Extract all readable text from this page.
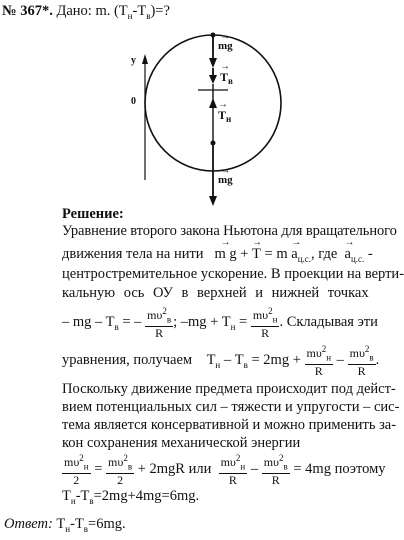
№ 367*. Дано: m. $(Т_н-Т_в)=$?
y
0
→ mg
→ $T_в$
→ $T_н$
→ mg
Решение:
Уравнение второго закона Ньютона для вращательного
движения тела на нити → m g + → $T = m \to a_{ц.с.}$, где → $a_{ц.с.}$ -
центростремительное ускорение. В проекции на верти-
кальную ось ОУ в верхней и нижней точках
– mg – $T_в$ = – $\frac{m\upsilon^2_в}{R}$ ; $-mg + T_н = \frac{m\upsilon^2_н}{R}$ . Складывая эти
уравнения, получаем $T_н - T_в = 2mg + \frac{m\upsilon^2_н}{R} - \frac{m\upsilon^2_в}{R}$ .
Поскольку движение предмета происходит под дейст-
вием потенциальных сил – тяжести и упругости – сис-
тема является консервативной и можно применить за-
кон сохранения механической энергии
$\frac{m\upsilon^2_н}{2} = \frac{m\upsilon^2_в}{2} + 2mgR$ или $\frac{m\upsilon^2_н}{R} - \frac{m\upsilon^2_в}{R} = 4mg$ поэтому
$T_н-T_в=2mg+4mg=6mg$.
Ответ: $T_н-T_в=6mg$.
